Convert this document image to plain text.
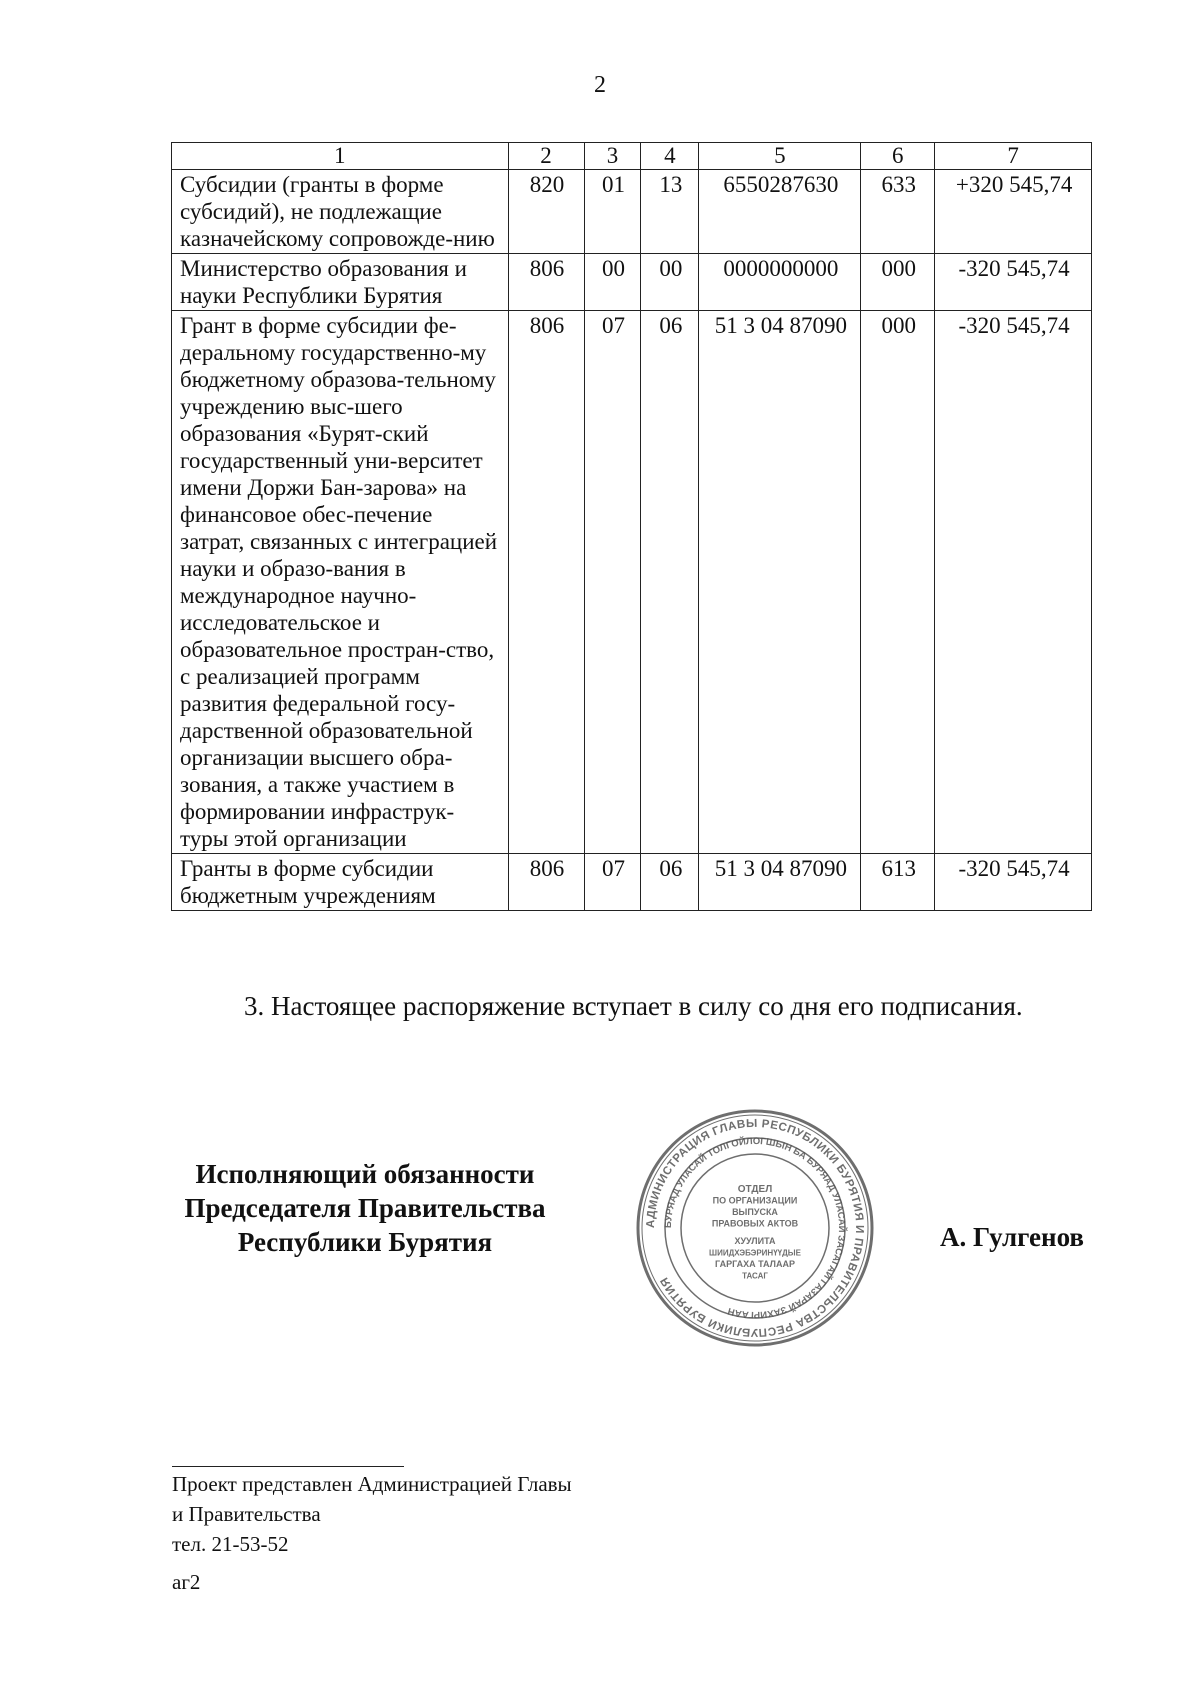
2
1	2	3	4	5	6	7
Субсидии (гранты в форме субсидий), не подлежащие казначейскому сопровожде-нию	820	01	13	6550287630	633	+320 545,74
Министерство образования и науки Республики Бурятия	806	00	00	0000000000	000	-320 545,74
Грант в форме субсидии фе-деральному государственно-му бюджетному образова-тельному учреждению выс-шего образования «Бурят-ский государственный уни-верситет имени Доржи Бан-зарова» на финансовое обес-печение затрат, связанных с интеграцией науки и образо-вания в международное научно-исследовательское и образовательное простран-ство, с реализацией программ развития федеральной госу-дарственной образовательной организации высшего обра-зования, а также участием в формировании инфраструк-туры этой организации	806	07	06	51 3 04 87090	000	-320 545,74
Гранты в форме субсидии бюджетным учреждениям	806	07	06	51 3 04 87090	613	-320 545,74
3. Настоящее распоряжение вступает в силу со дня его подписания.
Исполняющий обязанности
Председателя Правительства
Республики Бурятия
АДМИНИСТРАЦИЯ ГЛАВЫ РЕСПУБЛИКИ БУРЯТИЯ И ПРАВИТЕЛЬСТВА РЕСПУБЛИКИ БУРЯТИЯ
БУРЯАД УЛАСАЙ ТОЛГОЙЛОГШЫН БА БУРЯАД УЛАСАЙ ЗАСАГАЙ ГАЗАРАЙ ЗАХИРГААН
ОТДЕЛ
ПО ОРГАНИЗАЦИИ
ВЫПУСКА
ПРАВОВЫХ АКТОВ
ХУУЛИТА
ШИИДХЭБЭРИНҮҮДЫЕ
ГАРГАХА ТАЛААР
ТАСАГ
А. Гулгенов
Проект представлен Администрацией Главы
и Правительства
тел. 21-53-52
аг2
